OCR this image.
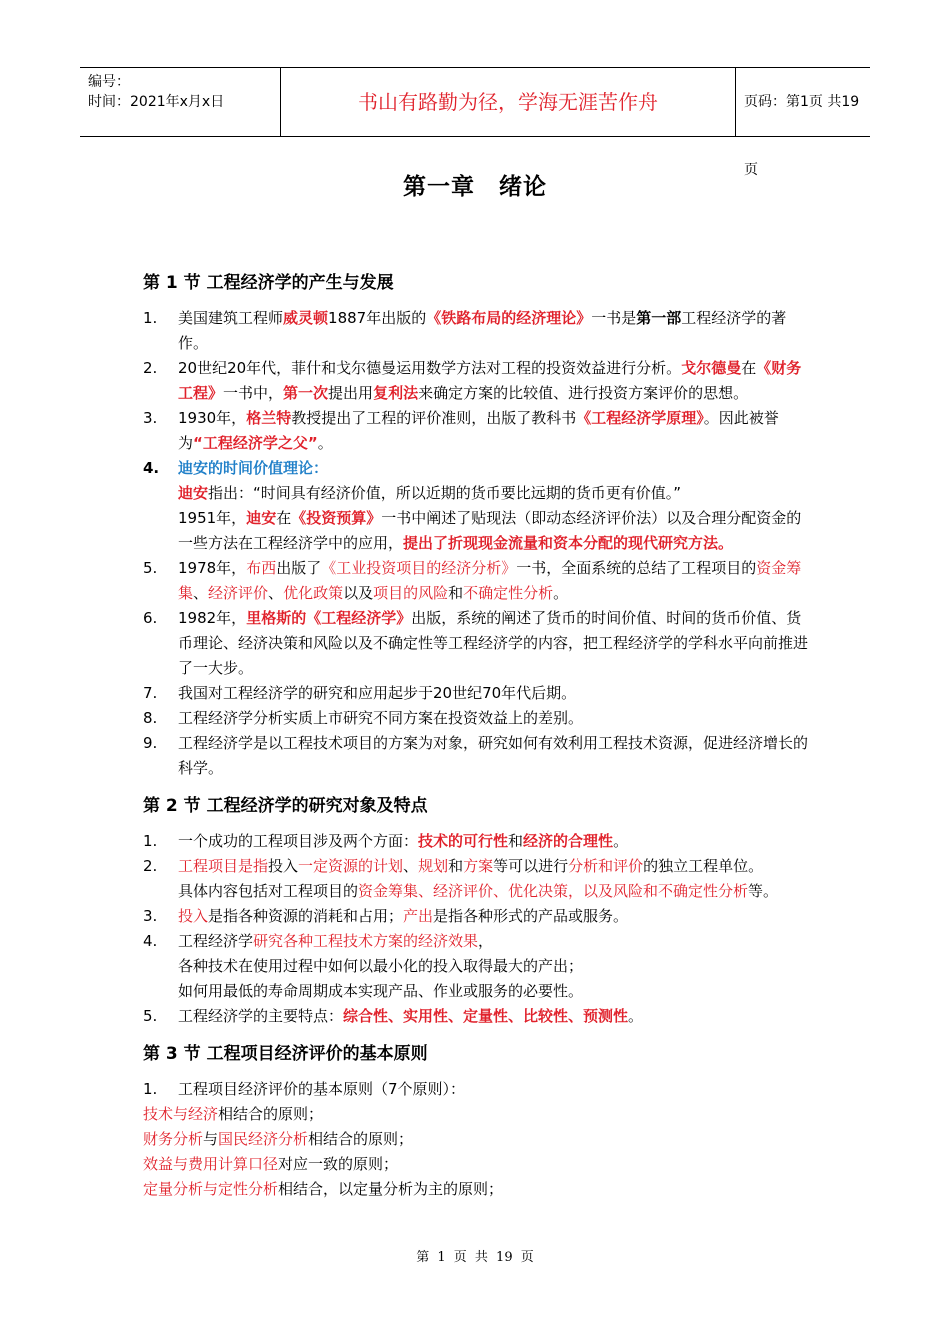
编号：
时间：2021年x月x日	书山有路勤为径，学海无涯苦作舟	页码：第1页 共19页
第一章　绪论
第 1 节 工程经济学的产生与发展
1. 美国建筑工程师威灵顿1887年出版的《铁路布局的经济理论》一书是第一部工程经济学的著作。
2. 20世纪20年代，菲什和戈尔德曼运用数学方法对工程的投资效益进行分析。戈尔德曼在《财务工程》一书中，第一次提出用复利法来确定方案的比较值、进行投资方案评价的思想。
3. 1930年，格兰特教授提出了工程的评价准则，出版了教科书《工程经济学原理》。因此被誉为“工程经济学之父”。
4. 迪安的时间价值理论：
迪安指出：“时间具有经济价值，所以近期的货币要比远期的货币更有价值。”
1951年，迪安在《投资预算》一书中阐述了贴现法（即动态经济评价法）以及合理分配资金的一些方法在工程经济学中的应用，提出了折现现金流量和资本分配的现代研究方法。
5. 1978年，布西出版了《工业投资项目的经济分析》一书，全面系统的总结了工程项目的资金筹集、经济评价、优化政策以及项目的风险和不确定性分析。
6. 1982年，里格斯的《工程经济学》出版，系统的阐述了货币的时间价值、时间的货币价值、货币理论、经济决策和风险以及不确定性等工程经济学的内容，把工程经济学的学科水平向前推进了一大步。
7. 我国对工程经济学的研究和应用起步于20世纪70年代后期。
8. 工程经济学分析实质上市研究不同方案在投资效益上的差别。
9. 工程经济学是以工程技术项目的方案为对象，研究如何有效利用工程技术资源，促进经济增长的科学。
第 2 节 工程经济学的研究对象及特点
1. 一个成功的工程项目涉及两个方面：技术的可行性和经济的合理性。
2. 工程项目是指投入一定资源的计划、规划和方案等可以进行分析和评价的独立工程单位。
具体内容包括对工程项目的资金筹集、经济评价、优化决策，以及风险和不确定性分析等。
3. 投入是指各种资源的消耗和占用；产出是指各种形式的产品或服务。
4. 工程经济学研究各种工程技术方案的经济效果，
各种技术在使用过程中如何以最小化的投入取得最大的产出；
如何用最低的寿命周期成本实现产品、作业或服务的必要性。
5. 工程经济学的主要特点：综合性、实用性、定量性、比较性、预测性。
第 3 节 工程项目经济评价的基本原则
1. 工程项目经济评价的基本原则（7个原则）：
技术与经济相结合的原则；
财务分析与国民经济分析相结合的原则；
效益与费用计算口径对应一致的原则；
定量分析与定性分析相结合，以定量分析为主的原则；
第 1 页 共 19 页
